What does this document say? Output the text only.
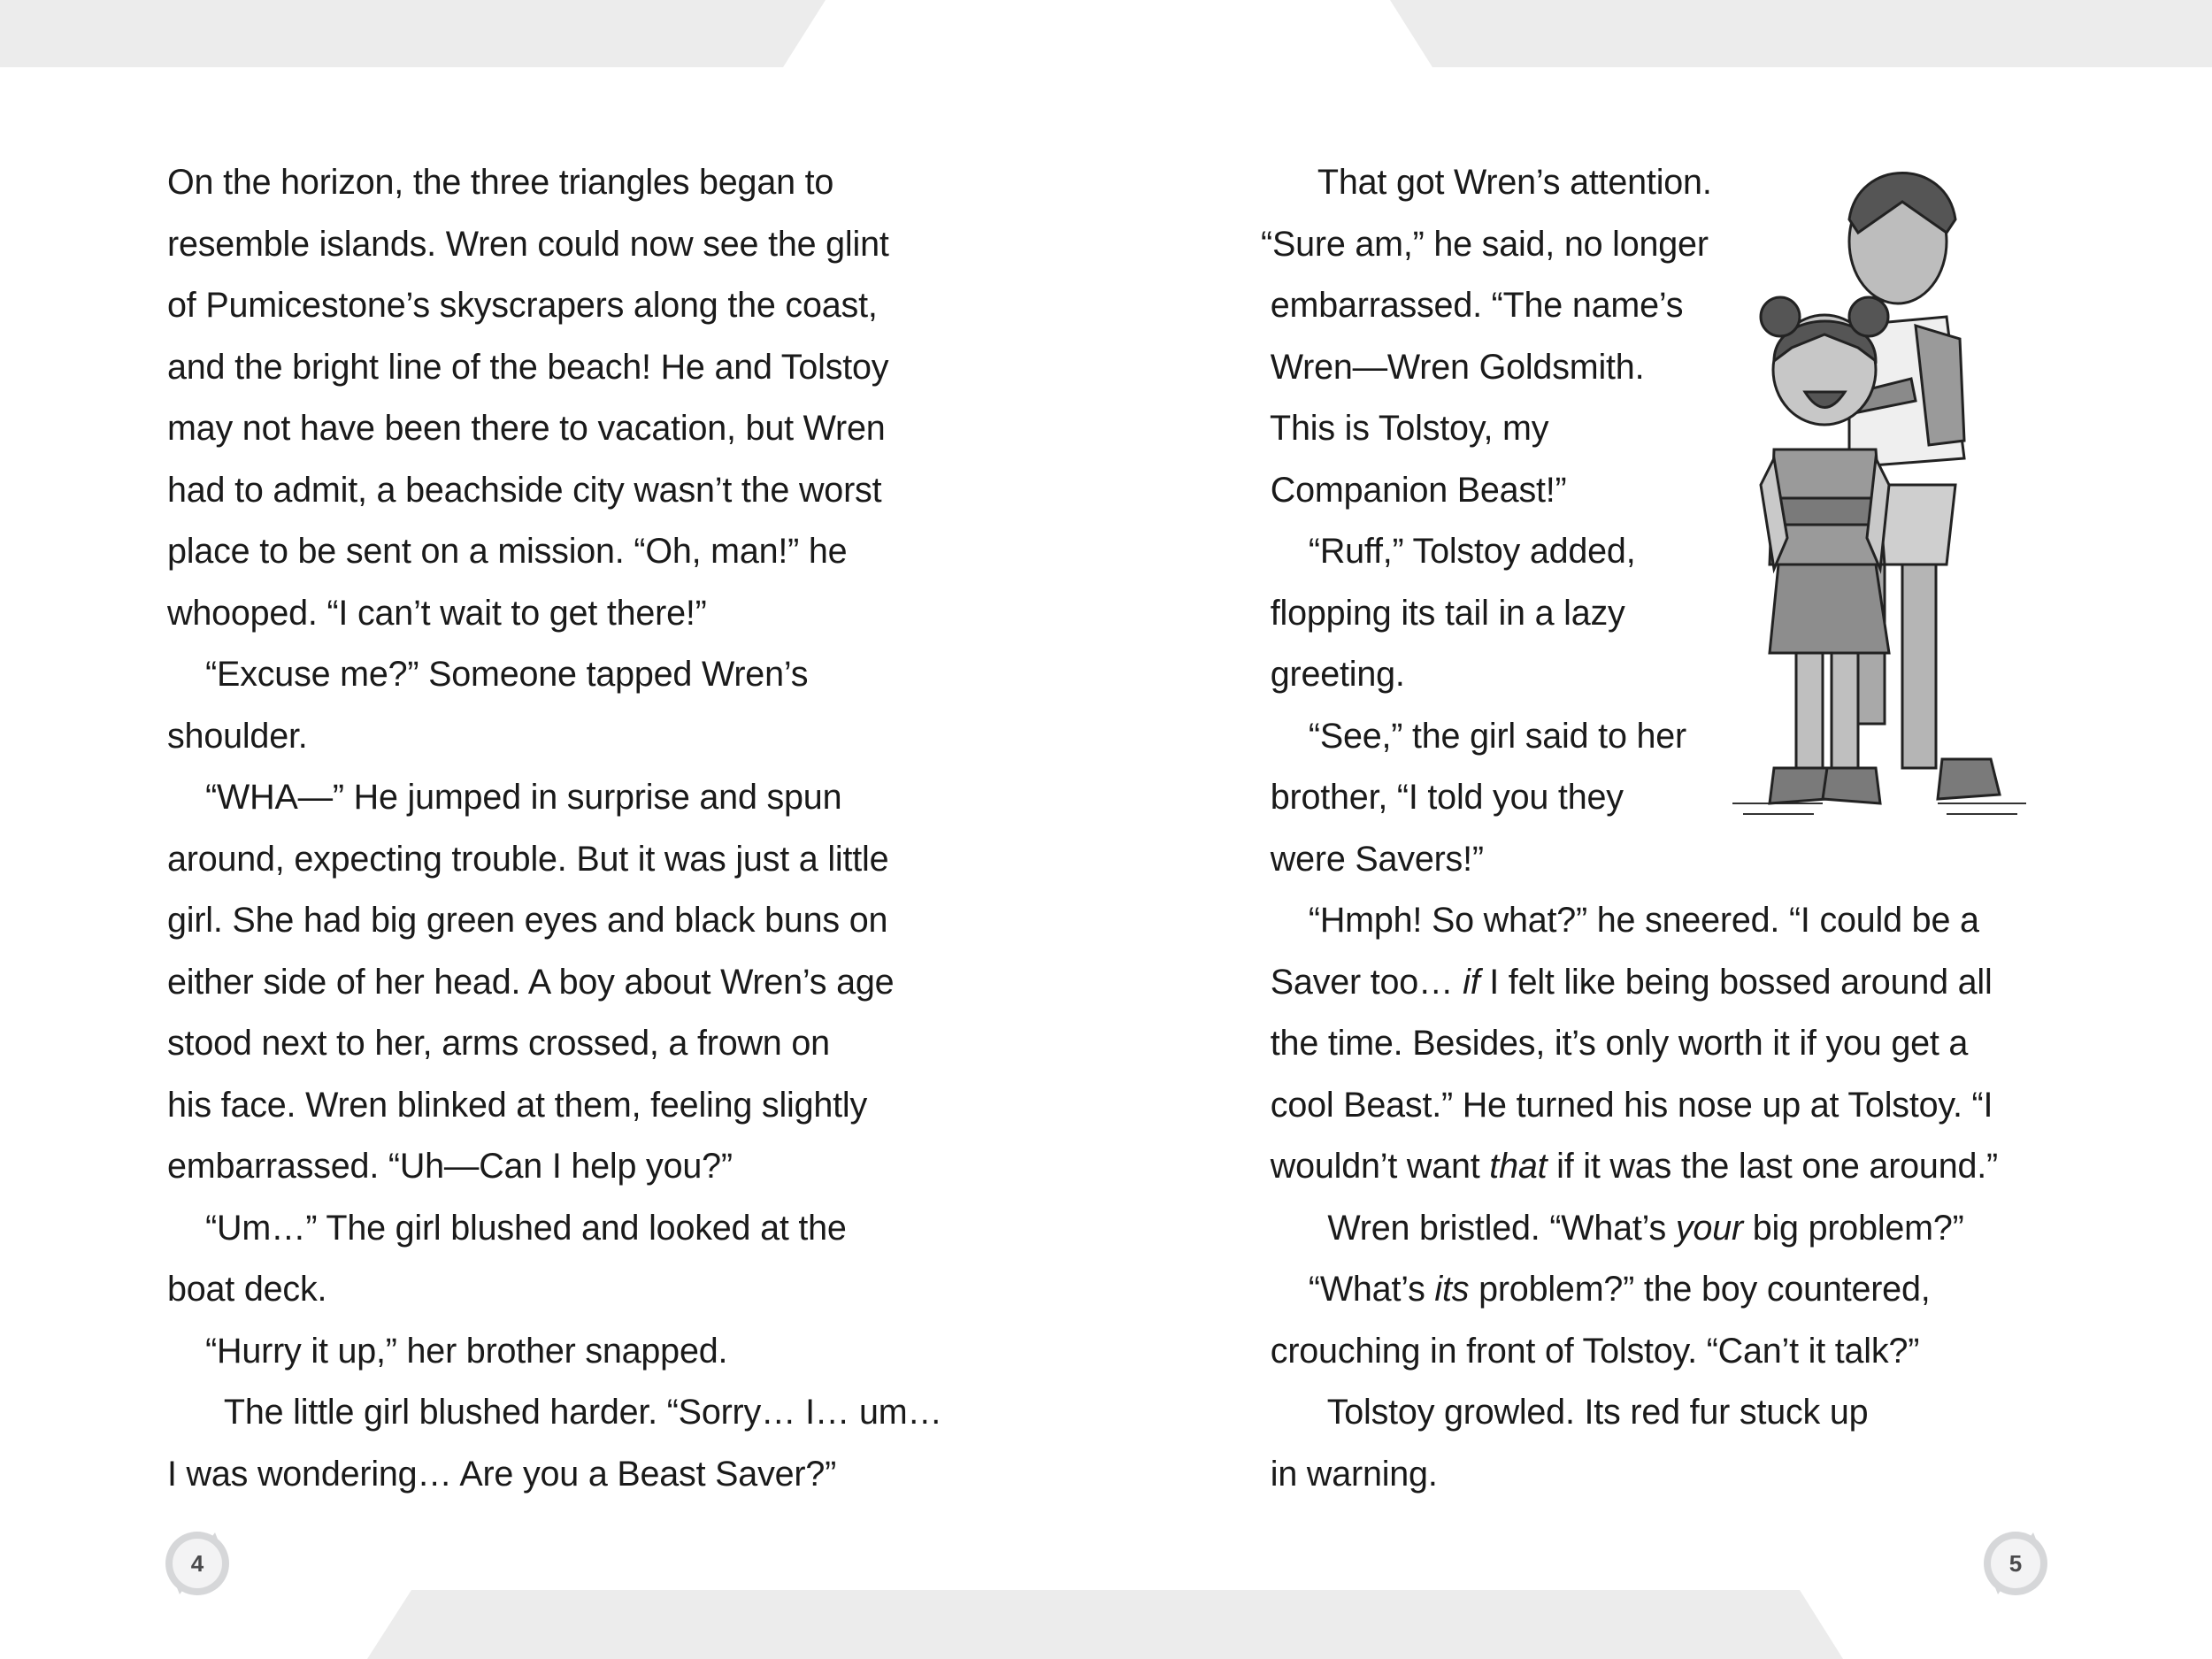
On the horizon, the three triangles began to
resemble islands. Wren could now see the glint
of Pumicestone’s skyscrapers along the coast,
and the bright line of the beach! He and Tolstoy
may not have been there to vacation, but Wren
had to admit, a beachside city wasn’t the worst
place to be sent on a mission. “Oh, man!” he
whooped. “I can’t wait to get there!”
“Excuse me?” Someone tapped Wren’s
shoulder.
“WHA—” He jumped in surprise and spun
around, expecting trouble. But it was just a little
girl. She had big green eyes and black buns on
either side of her head. A boy about Wren’s age
stood next to her, arms crossed, a frown on
his face. Wren blinked at them, feeling slightly
embarrassed. “Uh—Can I help you?”
“Um…” The girl blushed and looked at the
boat deck.
“Hurry it up,” her brother snapped.
The little girl blushed harder. “Sorry… I… um…
I was wondering… Are you a Beast Saver?”
That got Wren’s attention.
“Sure am,” he said, no longer
embarrassed. “The name’s
Wren—Wren Goldsmith.
This is Tolstoy, my
Companion Beast!”
“Ruff,” Tolstoy added,
flopping its tail in a lazy
greeting.
“See,” the girl said to her
brother, “I told you they
were Savers!”
“Hmph! So what?” he sneered. “I could be a
Saver too… if I felt like being bossed around all
the time. Besides, it’s only worth it if you get a
cool Beast.” He turned his nose up at Tolstoy. “I
wouldn’t want that if it was the last one around.”
Wren bristled. “What’s your big problem?”
“What’s its problem?” the boy countered,
crouching in front of Tolstoy. “Can’t it talk?”
Tolstoy growled. Its red fur stuck up
in warning.
4	5
